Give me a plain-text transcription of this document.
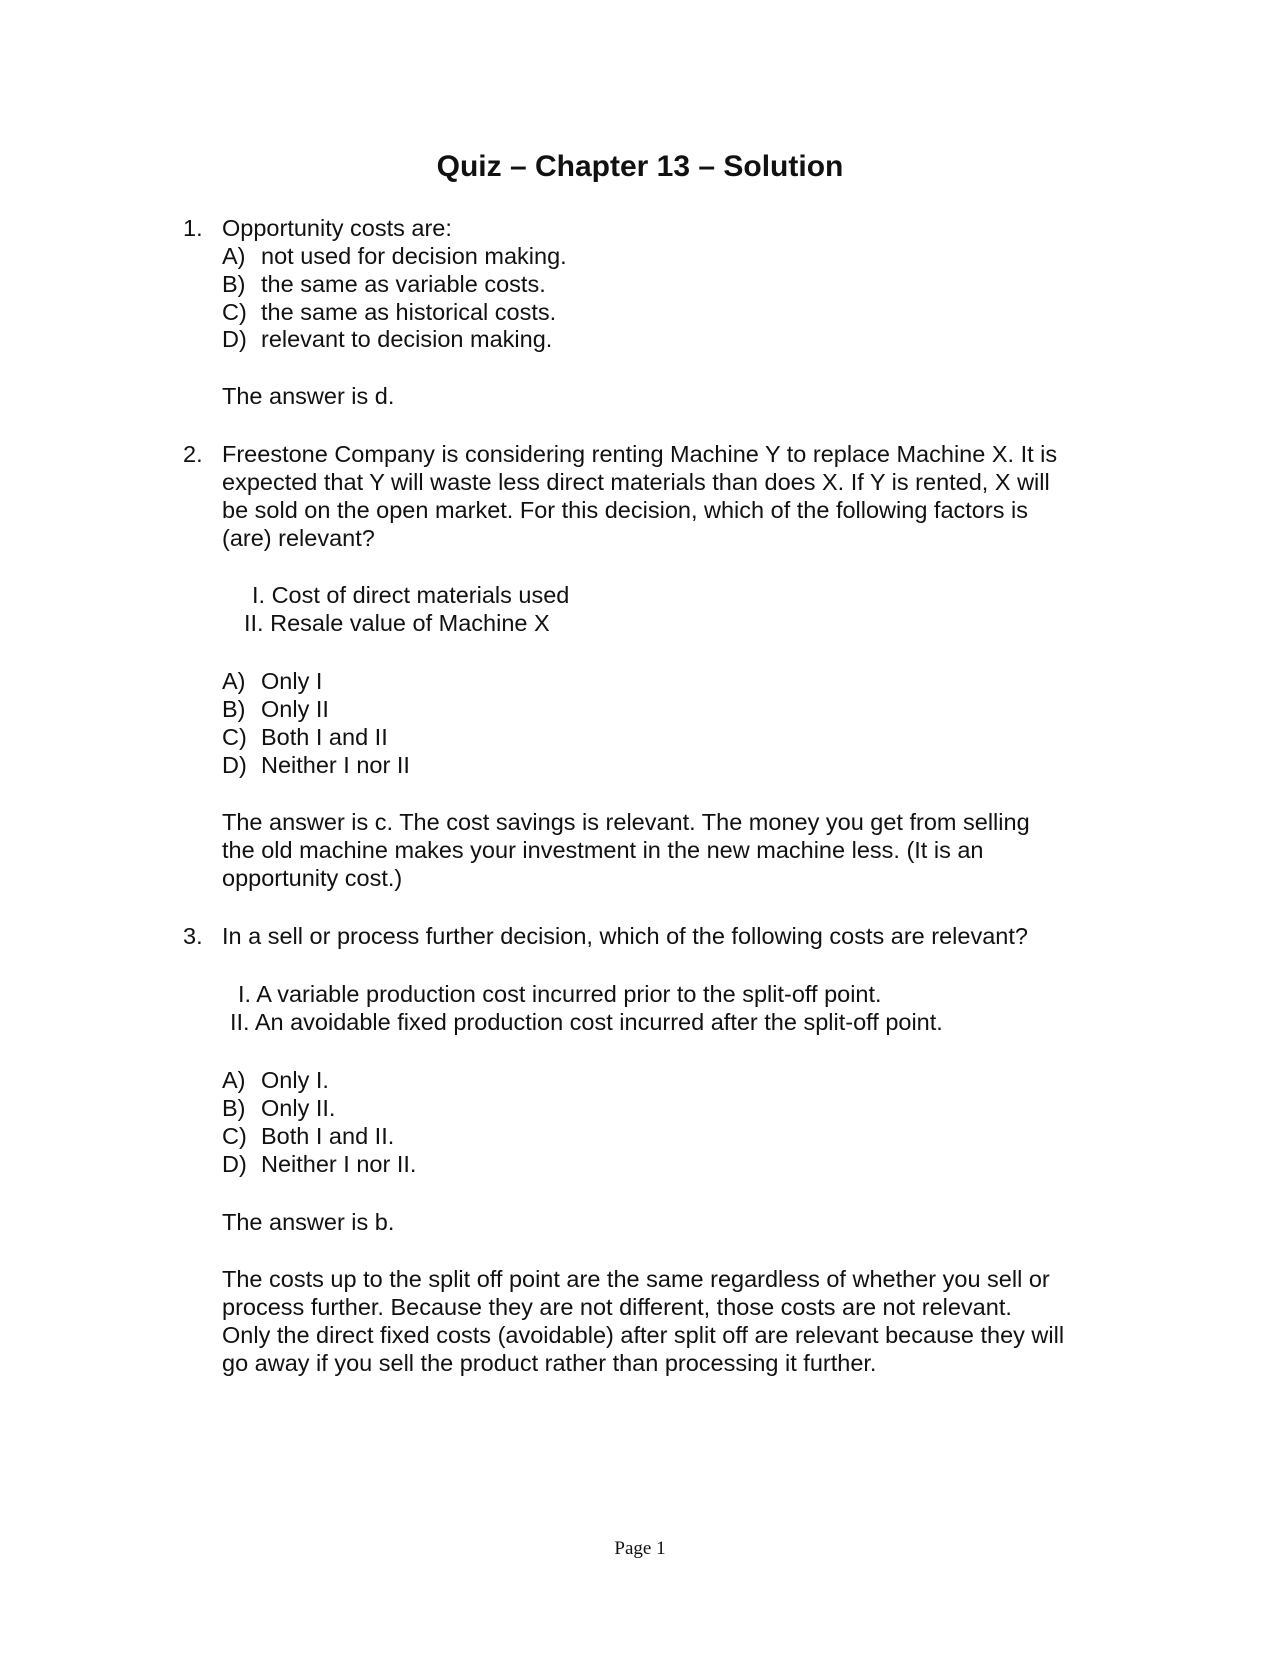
Quiz – Chapter 13 – Solution
1. Opportunity costs are:
A) not used for decision making.
B) the same as variable costs.
C) the same as historical costs.
D) relevant to decision making.
The answer is d.
2. Freestone Company is considering renting Machine Y to replace Machine X. It is
expected that Y will waste less direct materials than does X. If Y is rented, X will
be sold on the open market. For this decision, which of the following factors is
(are) relevant?
I. Cost of direct materials used
II. Resale value of Machine X
A) Only I
B) Only II
C) Both I and II
D) Neither I nor II
The answer is c. The cost savings is relevant. The money you get from selling
the old machine makes your investment in the new machine less. (It is an
opportunity cost.)
3. In a sell or process further decision, which of the following costs are relevant?
I. A variable production cost incurred prior to the split-off point.
II. An avoidable fixed production cost incurred after the split-off point.
A) Only I.
B) Only II.
C) Both I and II.
D) Neither I nor II.
The answer is b.
The costs up to the split off point are the same regardless of whether you sell or
process further. Because they are not different, those costs are not relevant.
Only the direct fixed costs (avoidable) after split off are relevant because they will
go away if you sell the product rather than processing it further.
Page 1
